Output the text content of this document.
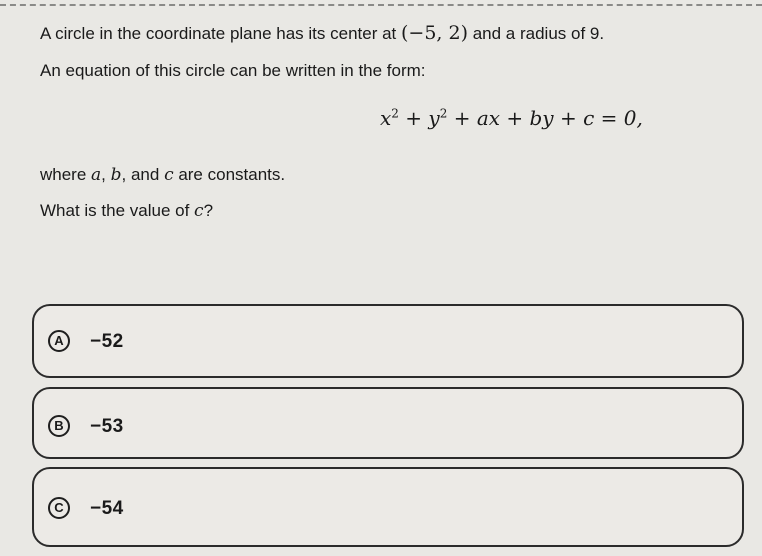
A circle in the coordinate plane has its center at (−5, 2) and a radius of 9.
An equation of this circle can be written in the form:
$x^2 + y^2$ + ax + by + c = 0,
where a, b, and c are constants.
What is the value of c?
A	−52
B	−53
C	−54
